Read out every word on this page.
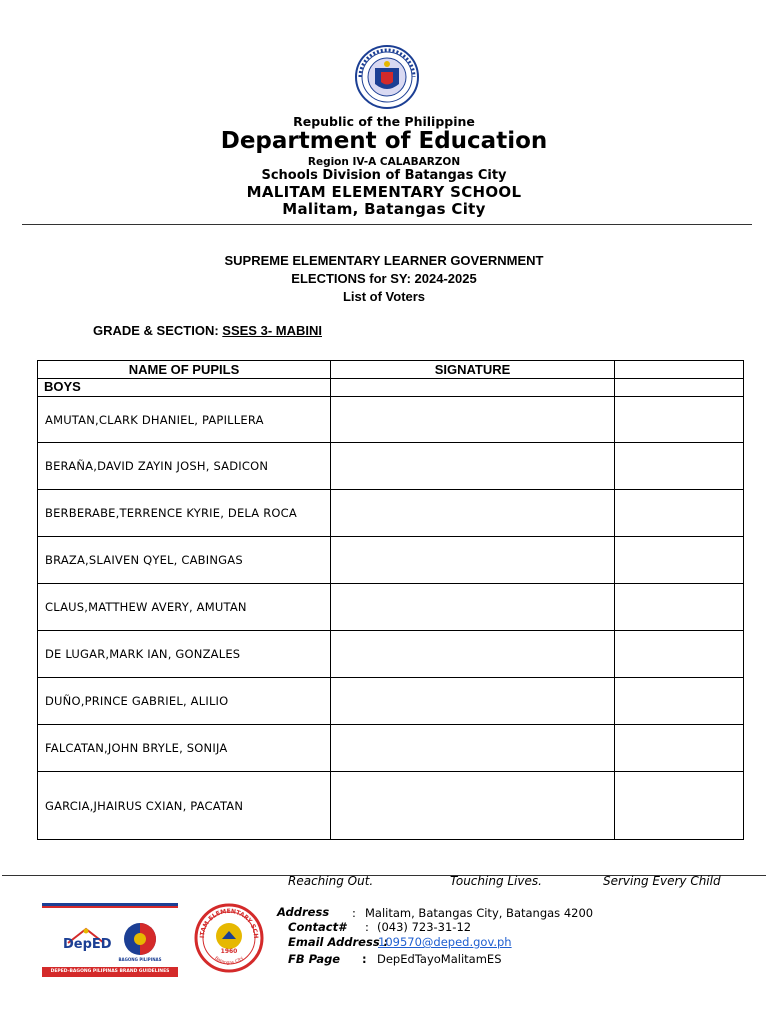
Republic of the Philippine
Department of Education
Region IV-A CALABARZON
Schools Division of Batangas City
MALITAM ELEMENTARY SCHOOL
Malitam, Batangas City
SUPREME ELEMENTARY LEARNER GOVERNMENT
ELECTIONS for SY: 2024-2025
List of Voters
GRADE & SECTION: SSES 3- MABINI
NAME OF PUPILS	SIGNATURE	
BOYS		
AMUTAN,CLARK DHANIEL, PAPILLERA		
BERAÑA,DAVID ZAYIN JOSH, SADICON		
BERBERABE,TERRENCE KYRIE, DELA ROCA		
BRAZA,SLAIVEN QYEL, CABINGAS		
CLAUS,MATTHEW AVERY, AMUTAN		
DE LUGAR,MARK IAN, GONZALES		
DUÑO,PRINCE GABRIEL, ALILIO		
FALCATAN,JOHN BRYLE, SONIJA		
GARCIA,JHAIRUS CXIAN, PACATAN		
Reaching Out.	Touching Lives.	Serving Every Child
DepED
BAGONG PILIPINAS
DEPED-BAGONG PILIPINAS BRAND GUIDELINES
ITAM ELEMENTARY SCH
Batangas City
1960
Address : Malitam, Batangas City, Batangas 4200
Contact# : (043) 723-31-12
Email Address :
109570@deped.gov.ph
FB Page : DepEdTayoMalitamES
